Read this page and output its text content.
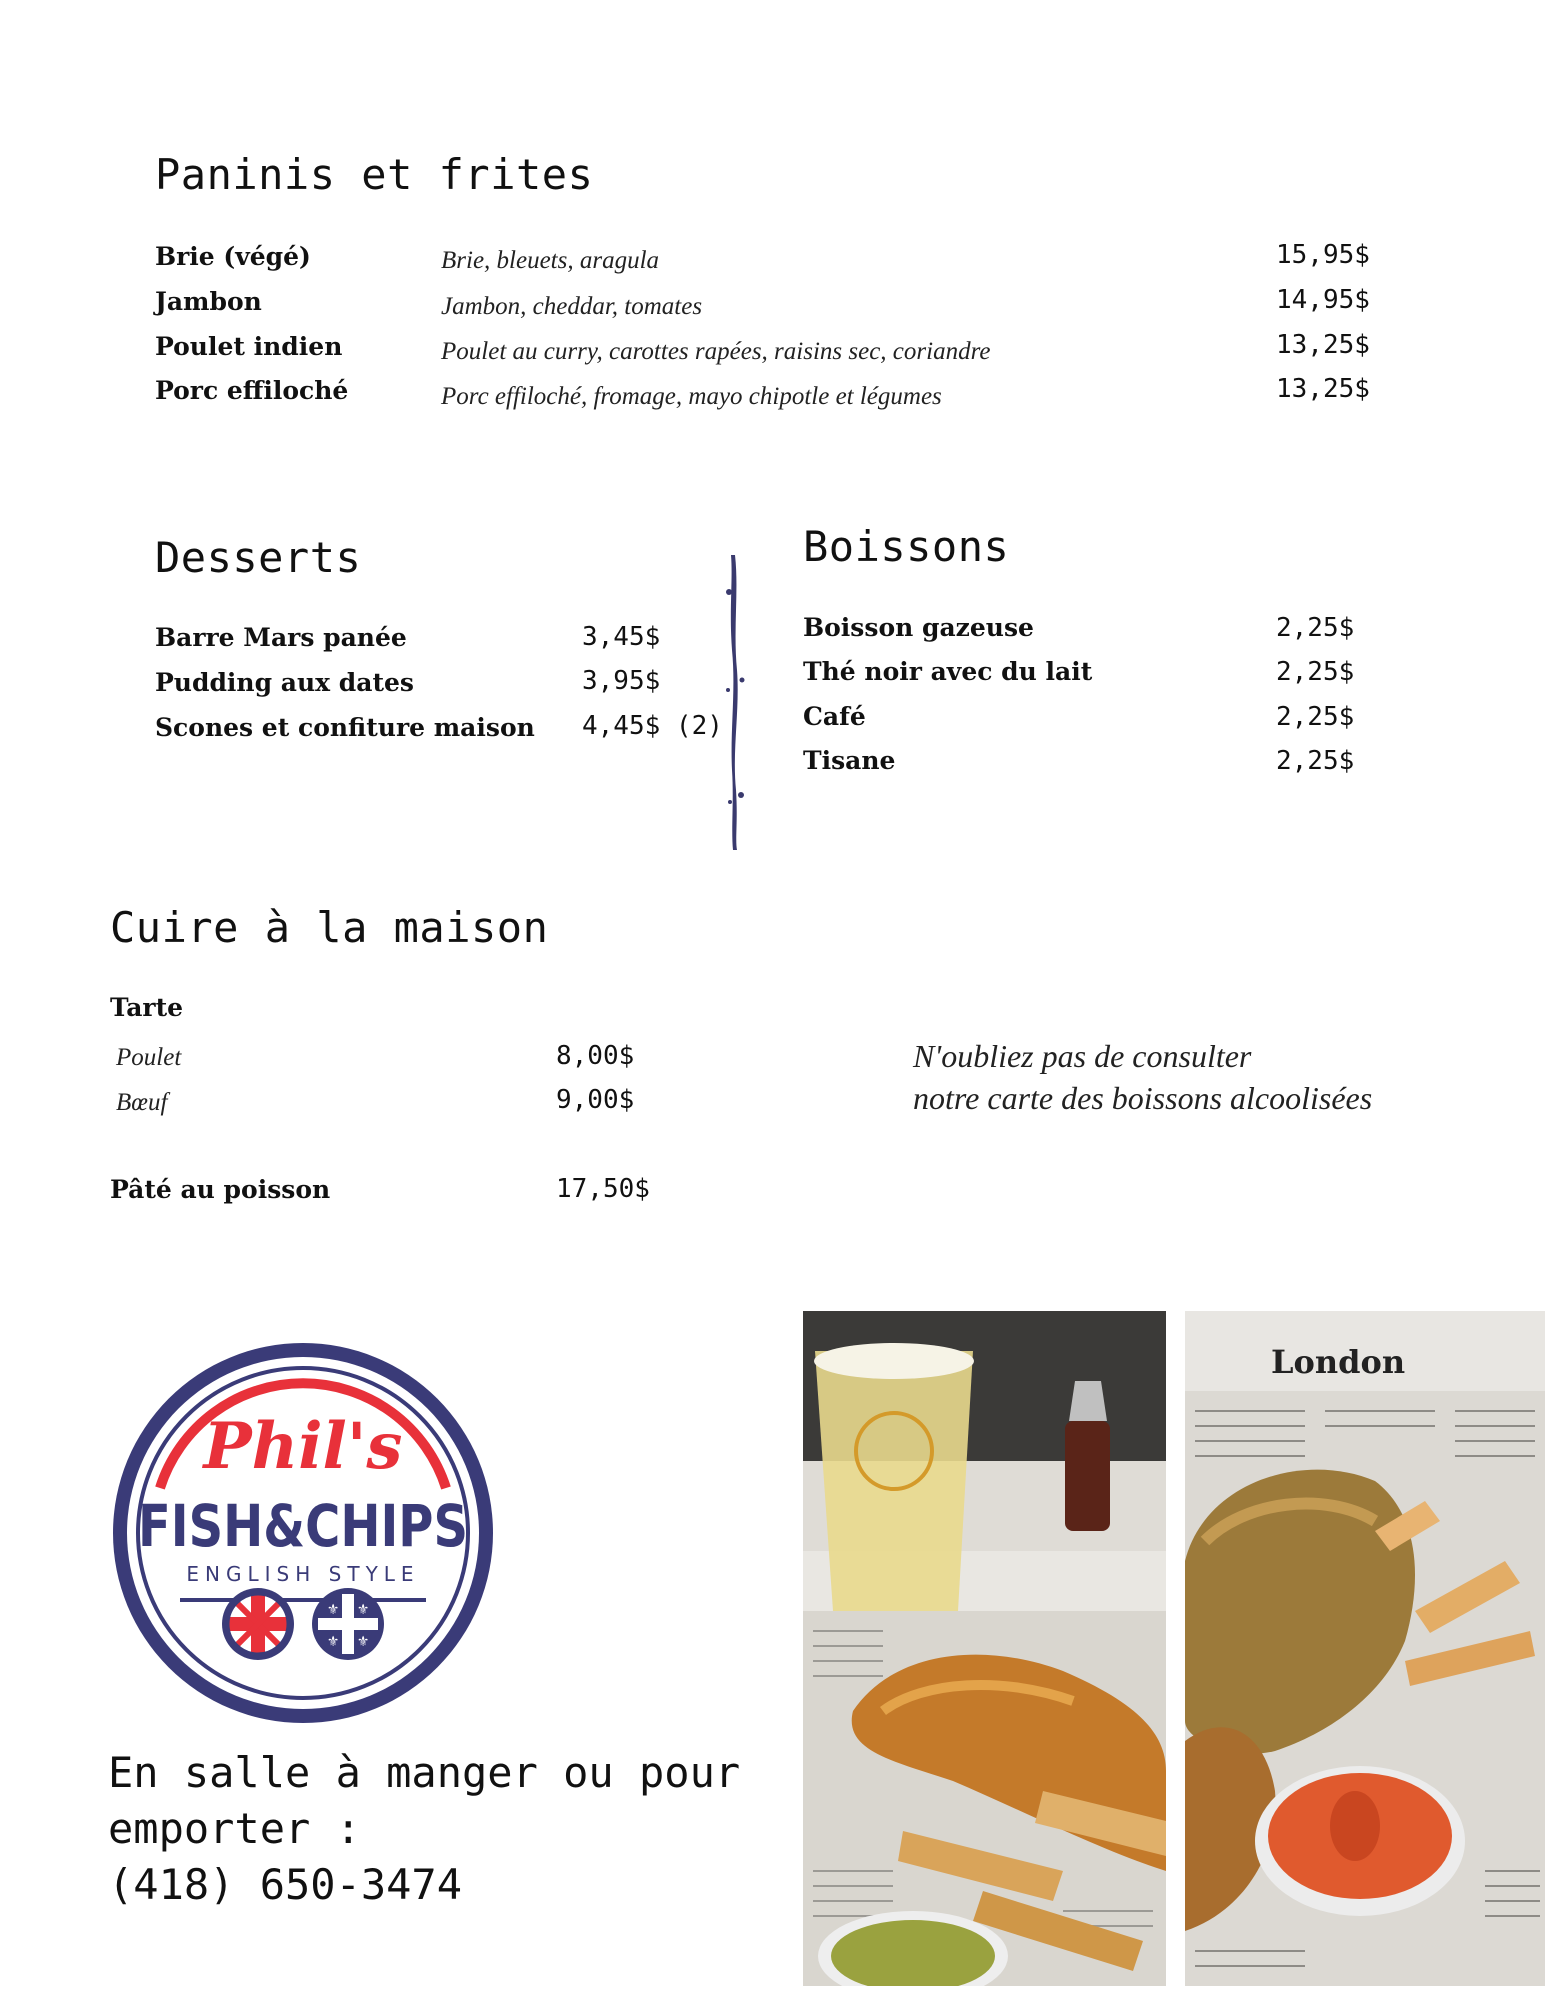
Paninis et frites
Brie (végé)	Brie, bleuets, aragula	15,95$
Jambon	Jambon, cheddar, tomates	14,95$
Poulet indien	Poulet au curry, carottes rapées, raisins sec, coriandre	13,25$
Porc effiloché	Porc effiloché, fromage, mayo chipotle et légumes	13,25$
Desserts
Barre Mars panée	3,45$
Pudding aux dates	3,95$
Scones et confiture maison 4,45$ (2)
Boissons
Boisson gazeuse	2,25$
Thé noir avec du lait	2,25$
Café	2,25$
Tisane	2,25$
Cuire à la maison
Tarte
Poulet	8,00$
Bœuf	9,00$
Pâté au poisson	17,50$
N'oubliez pas de consulter
notre carte des boissons alcoolisées
Phil's
FISH&CHIPS
ENGLISH STYLE
⚜ ⚜
⚜ ⚜
En salle à manger ou pour
emporter :
(418) 650-3474
London
